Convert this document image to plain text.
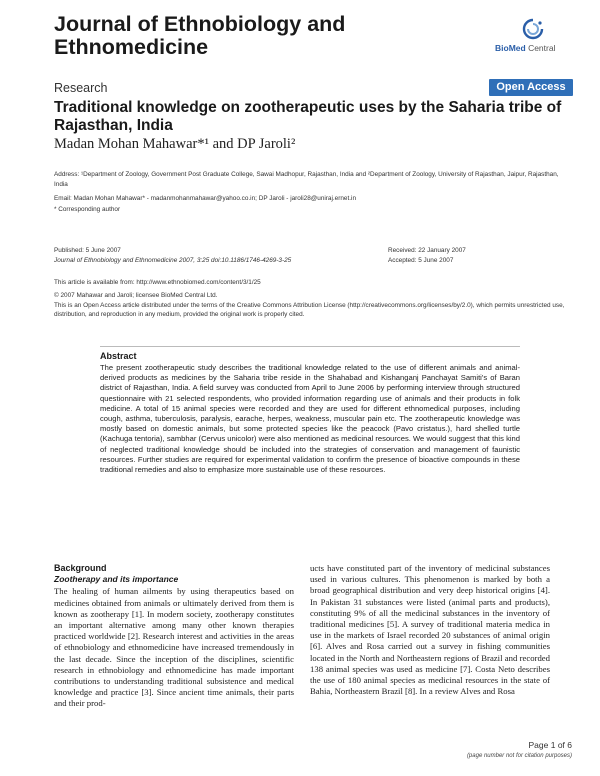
Journal of Ethnobiology and Ethnomedicine	BioMed Central
Research	Open Access
Traditional knowledge on zootherapeutic uses by the Saharia tribe of Rajasthan, India
Madan Mohan Mahawar*¹ and DP Jaroli²
Address: ¹Department of Zoology, Government Post Graduate College, Sawai Madhopur, Rajasthan, India and ²Department of Zoology, University of Rajasthan, Jaipur, Rajasthan, India
Email: Madan Mohan Mahawar* - madanmohanmahawar@yahoo.co.in; DP Jaroli - jaroli28@uniraj.ernet.in
* Corresponding author
Published: 5 June 2007
Journal of Ethnobiology and Ethnomedicine 2007, 3:25 doi:10.1186/1746-4269-3-25
Received: 22 January 2007
Accepted: 5 June 2007
This article is available from: http://www.ethnobiomed.com/content/3/1/25
© 2007 Mahawar and Jaroli; licensee BioMed Central Ltd.
This is an Open Access article distributed under the terms of the Creative Commons Attribution License (http://creativecommons.org/licenses/by/2.0), which permits unrestricted use, distribution, and reproduction in any medium, provided the original work is properly cited.
Abstract
The present zootherapeutic study describes the traditional knowledge related to the use of different animals and animal-derived products as medicines by the Saharia tribe reside in the Shahabad and Kishanganj Panchayat Samiti's of Baran district of Rajasthan, India. A field survey was conducted from April to June 2006 by performing interview through structured questionnaire with 21 selected respondents, who provided information regarding use of animals and their products in folk medicine. A total of 15 animal species were recorded and they are used for different ethnomedical purposes, including cough, asthma, tuberculosis, paralysis, earache, herpes, weakness, muscular pain etc. The zootherapeutic knowledge was mostly based on domestic animals, but some protected species like the peacock (Pavo cristatus.), hard shelled turtle (Kachuga tentoria), sambhar (Cervus unicolor) were also mentioned as medicinal resources. We would suggest that this kind of neglected traditional knowledge should be included into the strategies of conservation and management of faunistic resources. Further studies are required for experimental validation to confirm the presence of bioactive compounds in these traditional remedies and also to emphasize more sustainable use of these resources.
Background
Zootherapy and its importance
The healing of human ailments by using therapeutics based on medicines obtained from animals or ultimately derived from them is known as zootherapy [1]. In modern society, zootherapy constitutes an important alternative among many other known therapies practiced worldwide [2]. Research interest and activities in the areas of ethnobiology and ethnomedicine have increased tremendously in the last decade. Since the inception of the disciplines, scientific research in ethnobiology and ethnomedicine has made important contributions to understanding traditional subsistence and medical knowledge and practice [3]. Since ancient time animals, their parts and their prod-
ucts have constituted part of the inventory of medicinal substances used in various cultures. This phenomenon is marked by both a broad geographical distribution and very deep historical origins [4]. In Pakistan 31 substances were listed (animal parts and products), constituting 9% of all the medicinal substances in the inventory of traditional medicines [5]. A survey of traditional materia medica in use in the markets of Israel recorded 20 substances of animal origin [6]. Alves and Rosa carried out a survey in fishing communities located in the North and Northeastern regions of Brazil and recorded 138 animal species was used as medicine [7]. Costa Neto describes the use of 180 animal species as medicinal resources in the state of Bahia, Northeastern Brazil [8]. In a review Alves and Rosa
Page 1 of 6
(page number not for citation purposes)
